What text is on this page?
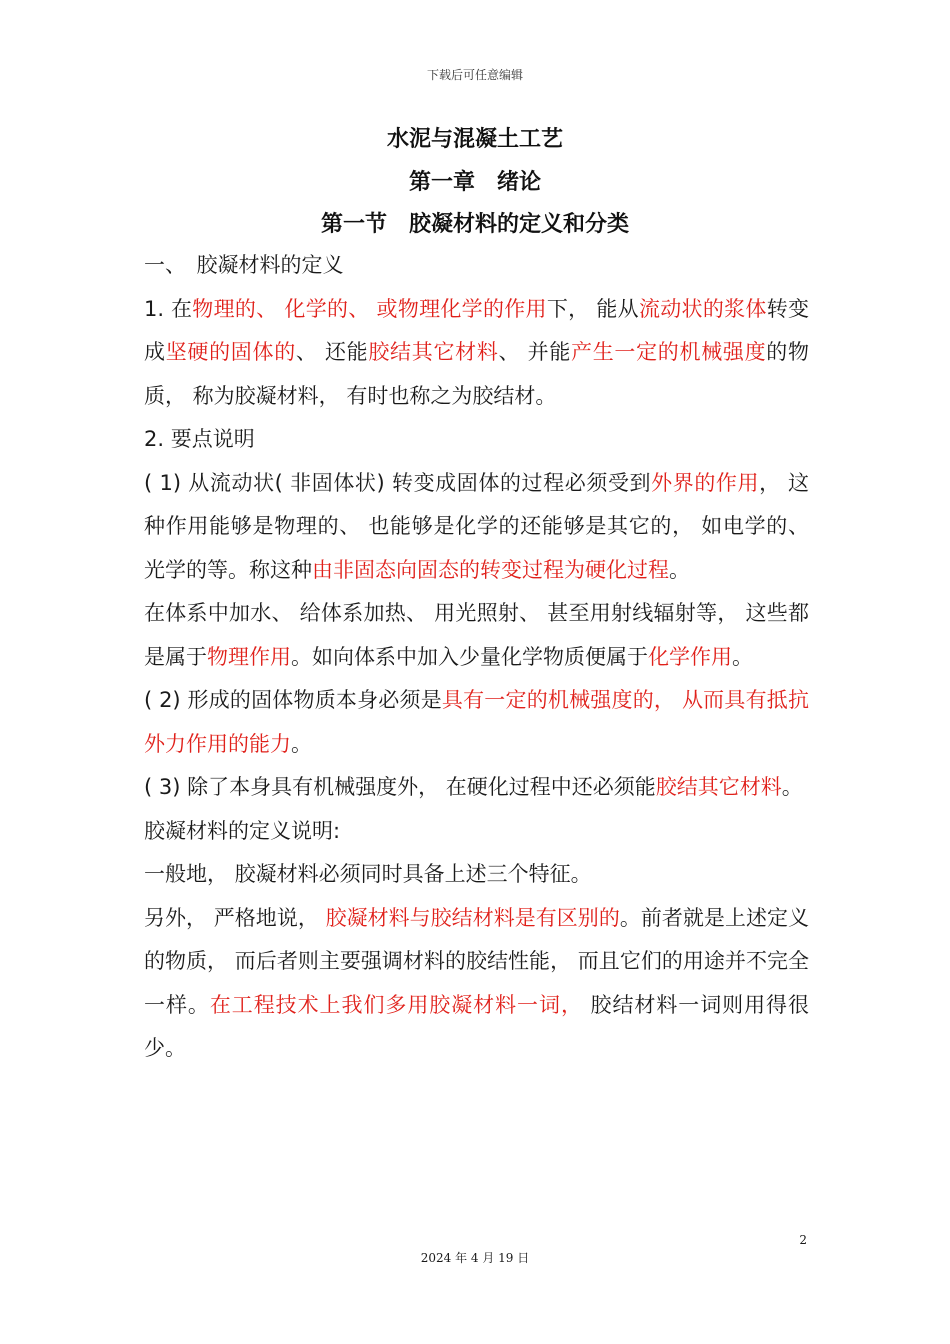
下载后可任意编辑
水泥与混凝土工艺
第一章　绪论
第一节　胶凝材料的定义和分类

一、　胶凝材料的定义

1. 在物理的、 化学的、 或物理化学的作用下， 能从流动状的浆体转变成坚硬的固体的、 还能胶结其它材料、 并能产生一定的机械强度的物质， 称为胶凝材料， 有时也称之为胶结材。

2. 要点说明

( 1) 从流动状( 非固体状) 转变成固体的过程必须受到外界的作用， 这种作用能够是物理的、 也能够是化学的还能够是其它的， 如电学的、 光学的等。称这种由非固态向固态的转变过程为硬化过程。

在体系中加水、 给体系加热、 用光照射、 甚至用射线辐射等， 这些都是属于物理作用。如向体系中加入少量化学物质便属于化学作用。

( 2) 形成的固体物质本身必须是具有一定的机械强度的， 从而具有抵抗外力作用的能力。

( 3) 除了本身具有机械强度外， 在硬化过程中还必须能胶结其它材料。

胶凝材料的定义说明:

一般地， 胶凝材料必须同时具备上述三个特征。

另外， 严格地说， 胶凝材料与胶结材料是有区别的。前者就是上述定义的物质， 而后者则主要强调材料的胶结性能， 而且它们的用途并不完全一样。在工程技术上我们多用胶凝材料一词， 胶结材料一词则用得很少。

2
2024 年 4 月 19 日
